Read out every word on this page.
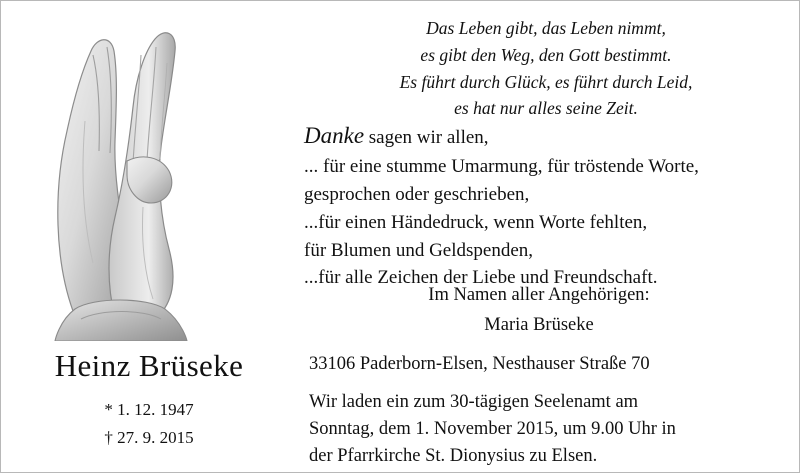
Das Leben gibt, das Leben nimmt,
es gibt den Weg, den Gott bestimmt.
Es führt durch Glück, es führt durch Leid,
es hat nur alles seine Zeit.

Danke sagen wir allen,

... für eine stumme Umarmung, für tröstende Worte,

gesprochen oder geschrieben,

...für einen Händedruck, wenn Worte fehlten,

für Blumen und Geldspenden,

...für alle Zeichen der Liebe und Freundschaft.

Im Namen aller Angehörigen:
Maria Brüseke
Heinz Brüseke
* 1. 12. 1947
† 27. 9. 2015
33106 Paderborn-Elsen, Nesthauser Straße 70

Wir laden ein zum 30-tägigen Seelenamt am

Sonntag, dem 1. November 2015, um 9.00 Uhr in

der Pfarrkirche St. Dionysius zu Elsen.
